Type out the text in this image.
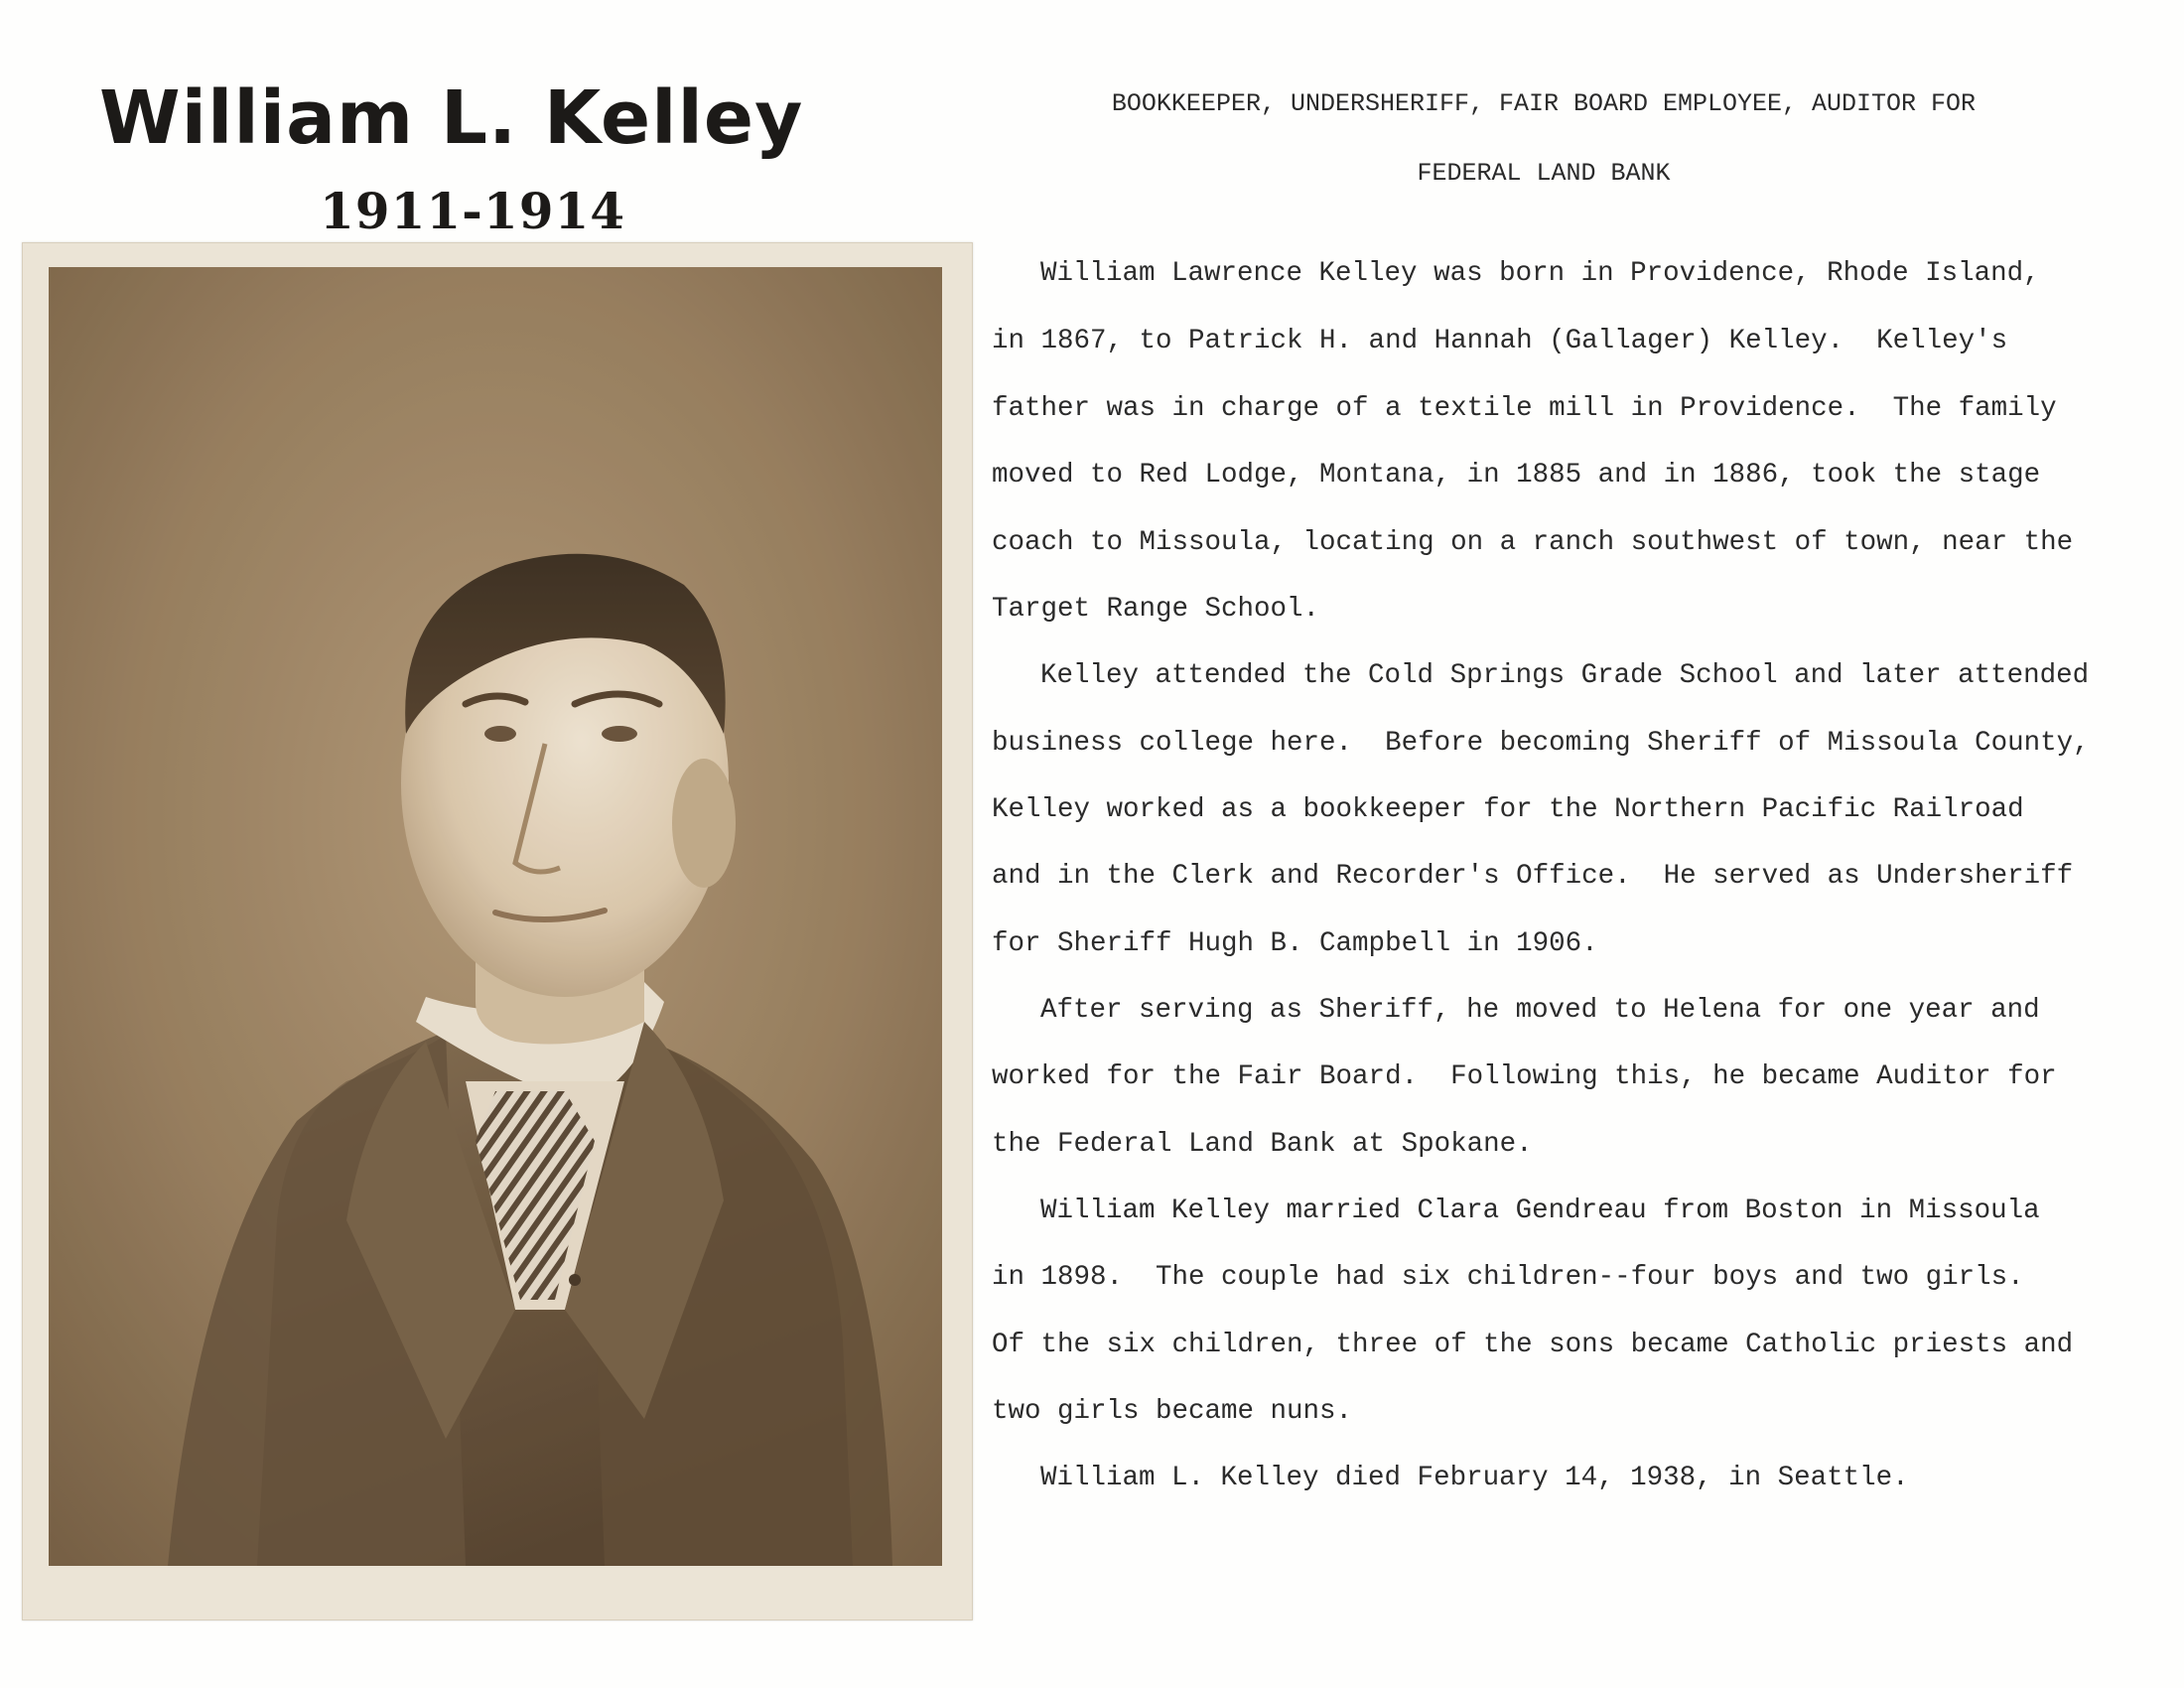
William L. Kelley
1911-1914
BOOKKEEPER, UNDERSHERIFF, FAIR BOARD EMPLOYEE, AUDITOR FOR
FEDERAL LAND BANK
William Lawrence Kelley was born in Providence, Rhode Island,
in 1867, to Patrick H. and Hannah (Gallager) Kelley.  Kelley's
father was in charge of a textile mill in Providence.  The family
moved to Red Lodge, Montana, in 1885 and in 1886, took the stage
coach to Missoula, locating on a ranch southwest of town, near the
Target Range School.
Kelley attended the Cold Springs Grade School and later attended
business college here.  Before becoming Sheriff of Missoula County,
Kelley worked as a bookkeeper for the Northern Pacific Railroad
and in the Clerk and Recorder's Office.  He served as Undersheriff
for Sheriff Hugh B. Campbell in 1906.
After serving as Sheriff, he moved to Helena for one year and
worked for the Fair Board.  Following this, he became Auditor for
the Federal Land Bank at Spokane.
William Kelley married Clara Gendreau from Boston in Missoula
in 1898.  The couple had six children--four boys and two girls.
Of the six children, three of the sons became Catholic priests and
two girls became nuns.
William L. Kelley died February 14, 1938, in Seattle.
